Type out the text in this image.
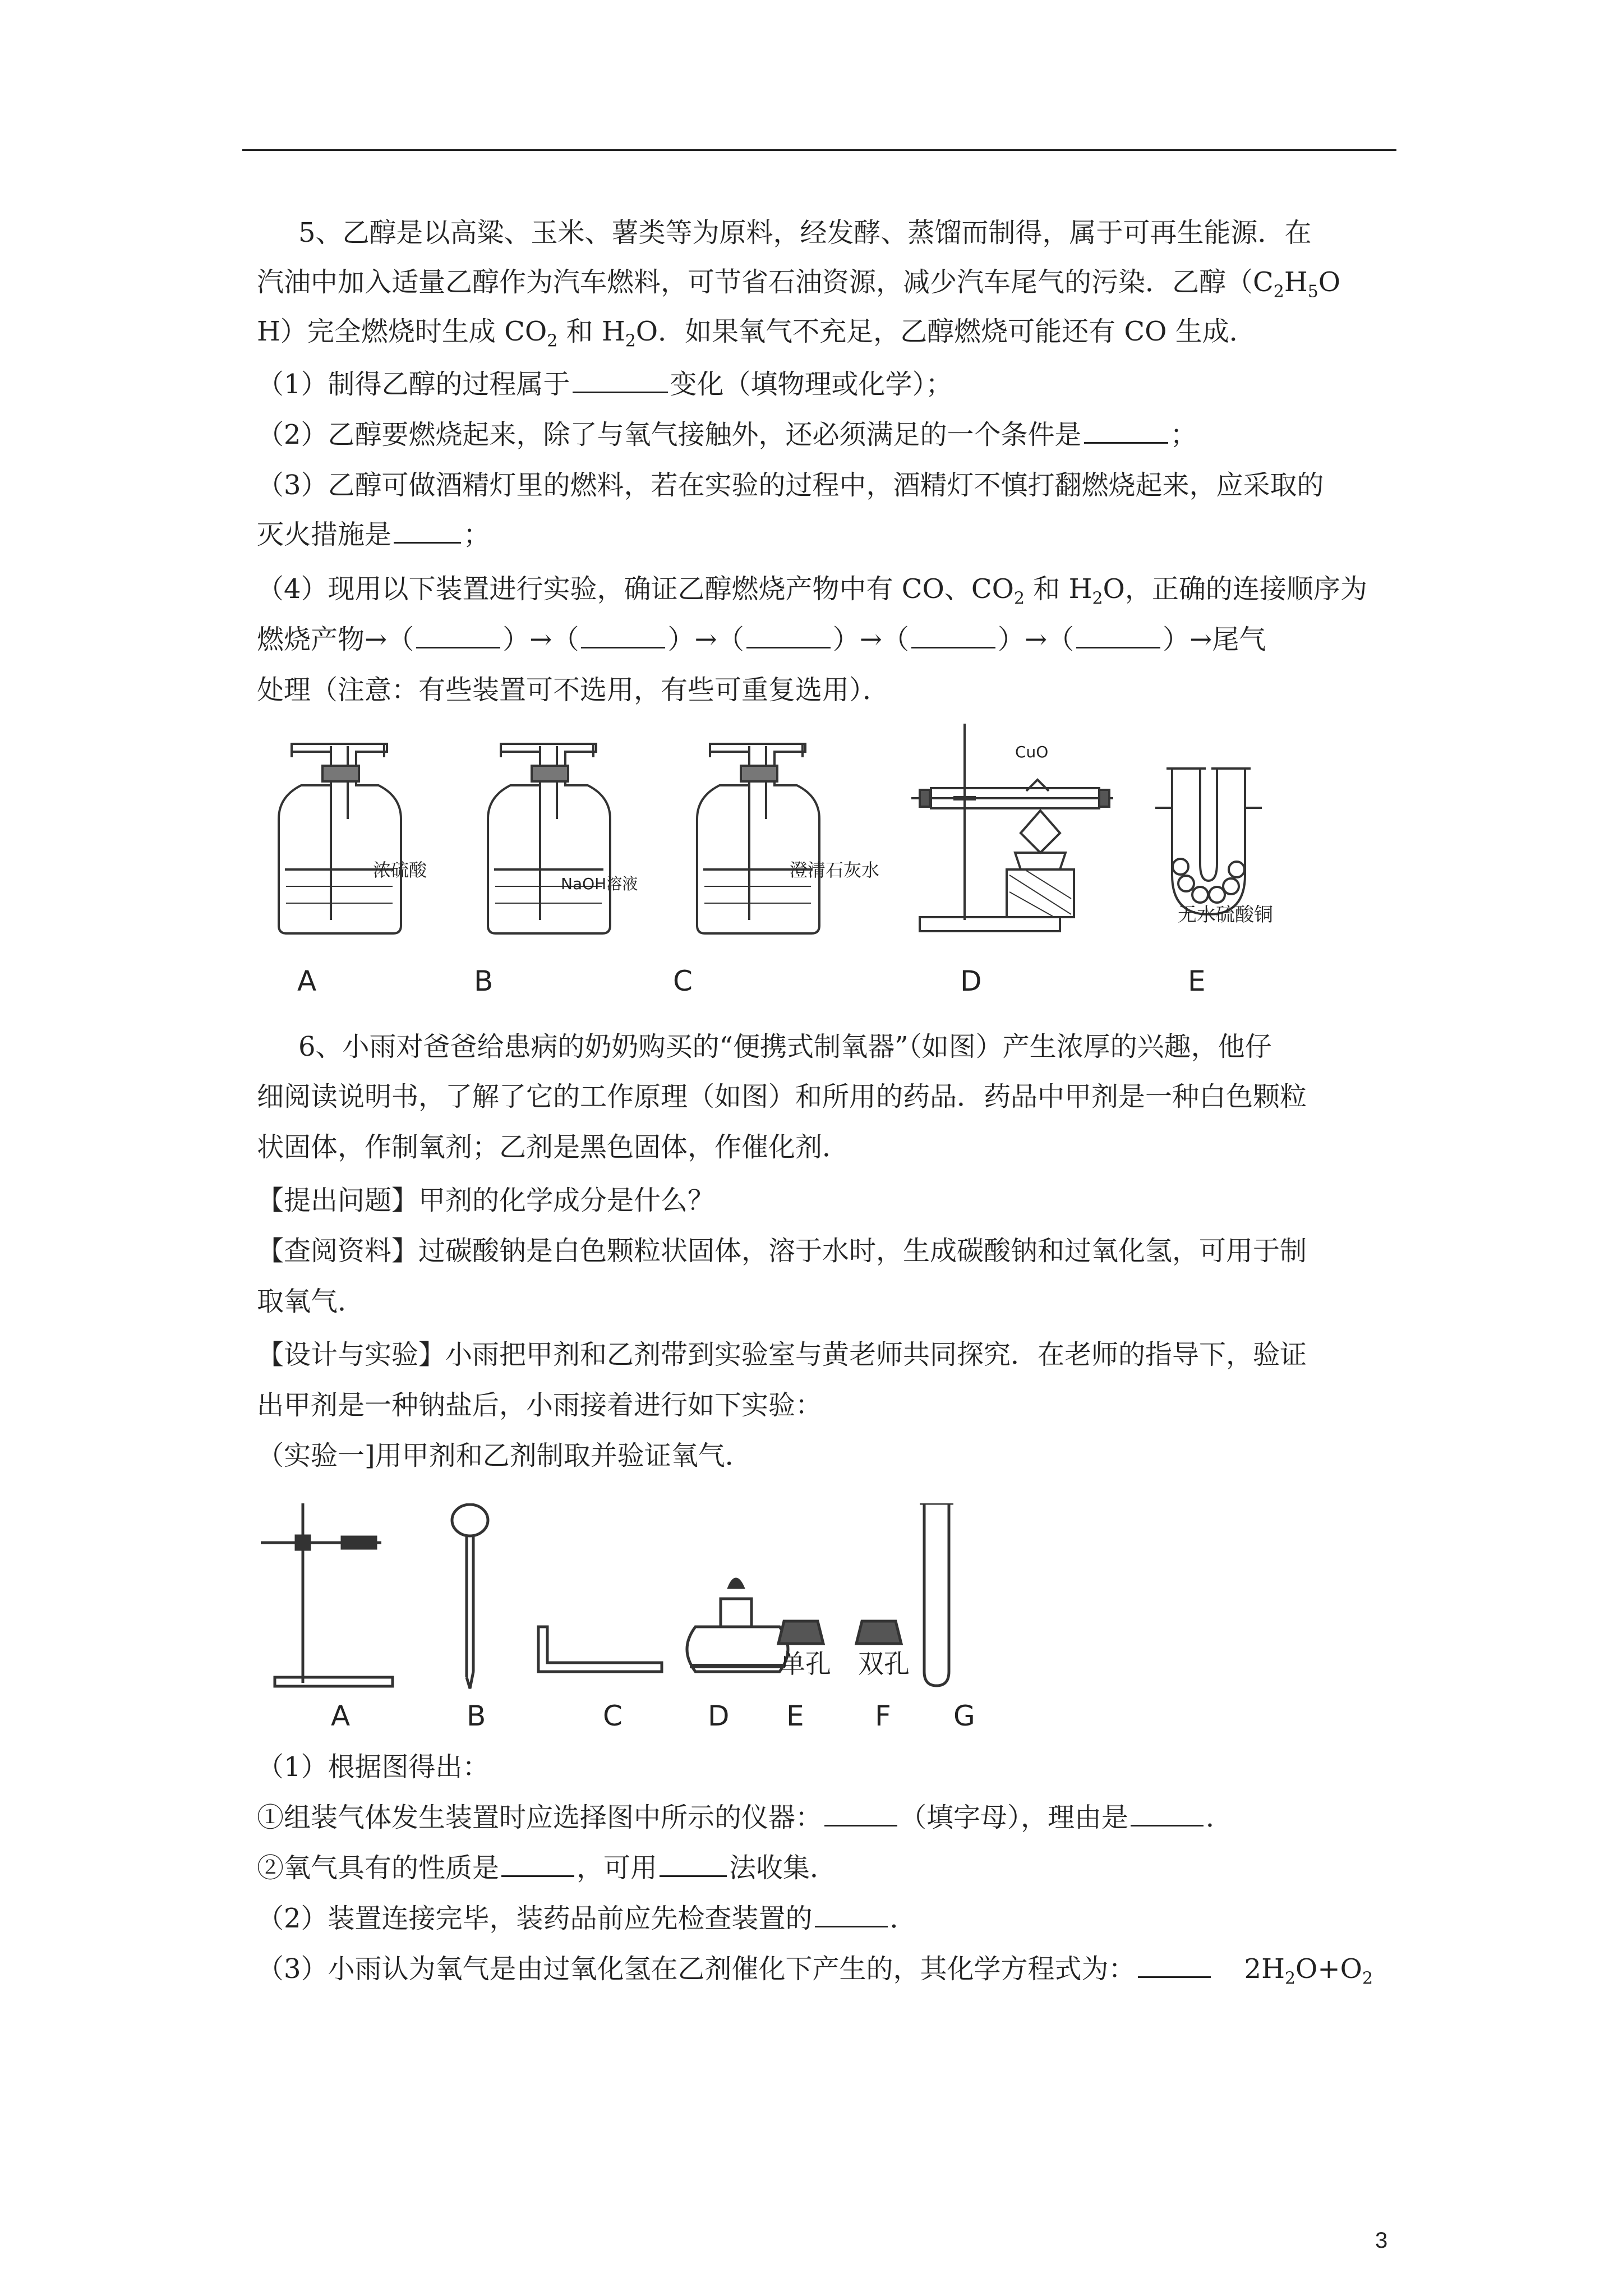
5、乙醇是以高粱、玉米、薯类等为原料，经发酵、蒸馏而制得，属于可再生能源．在
汽油中加入适量乙醇作为汽车燃料，可节省石油资源，减少汽车尾气的污染．乙醇（$C_2H_5O$
H）完全燃烧时生成 $CO_2$ 和 $H_2O$．如果氧气不充足，乙醇燃烧可能还有 CO 生成．
（1）制得乙醇的过程属于	变化（填物理或化学）；
（2）乙醇要燃烧起来，除了与氧气接触外，还必须满足的一个条件是	；
（3）乙醇可做酒精灯里的燃料，若在实验的过程中，酒精灯不慎打翻燃烧起来，应采取的
灭火措施是	；
（4）现用以下装置进行实验，确证乙醇燃烧产物中有 CO、$CO_2$ 和 $H_2O$，正确的连接顺序为
燃烧产物→（	）→（	）→（	）→（	）→（	）→尾气
处理（注意：有些装置可不选用，有些可重复选用）．
浓硫酸
NaOH溶液
澄清石灰水
CuO
无水硫酸铜
A	B	C	D	E
6、小雨对爸爸给患病的奶奶购买的“便携式制氧器”（如图）产生浓厚的兴趣，他仔
细阅读说明书，了解了它的工作原理（如图）和所用的药品．药品中甲剂是一种白色颗粒
状固体，作制氧剂；乙剂是黑色固体，作催化剂．
【提出问题】甲剂的化学成分是什么？
【查阅资料】过碳酸钠是白色颗粒状固体，溶于水时，生成碳酸钠和过氧化氢，可用于制
取氧气．
【设计与实验】小雨把甲剂和乙剂带到实验室与黄老师共同探究．在老师的指导下，验证
出甲剂是一种钠盐后，小雨接着进行如下实验：
（实验一]用甲剂和乙剂制取并验证氧气．
单孔 双孔
A	B	C	D E	F G
（1）根据图得出：
①组装气体发生装置时应选择图中所示的仪器：	（填字母），理由是	．
②氧气具有的性质是	，可用	法收集．
（2）装置连接完毕，装药品前应先检查装置的	．
（3）小雨认为氧气是由过氧化氢在乙剂催化下产生的，其化学方程式为：	$2H_2O+O_2$
3
